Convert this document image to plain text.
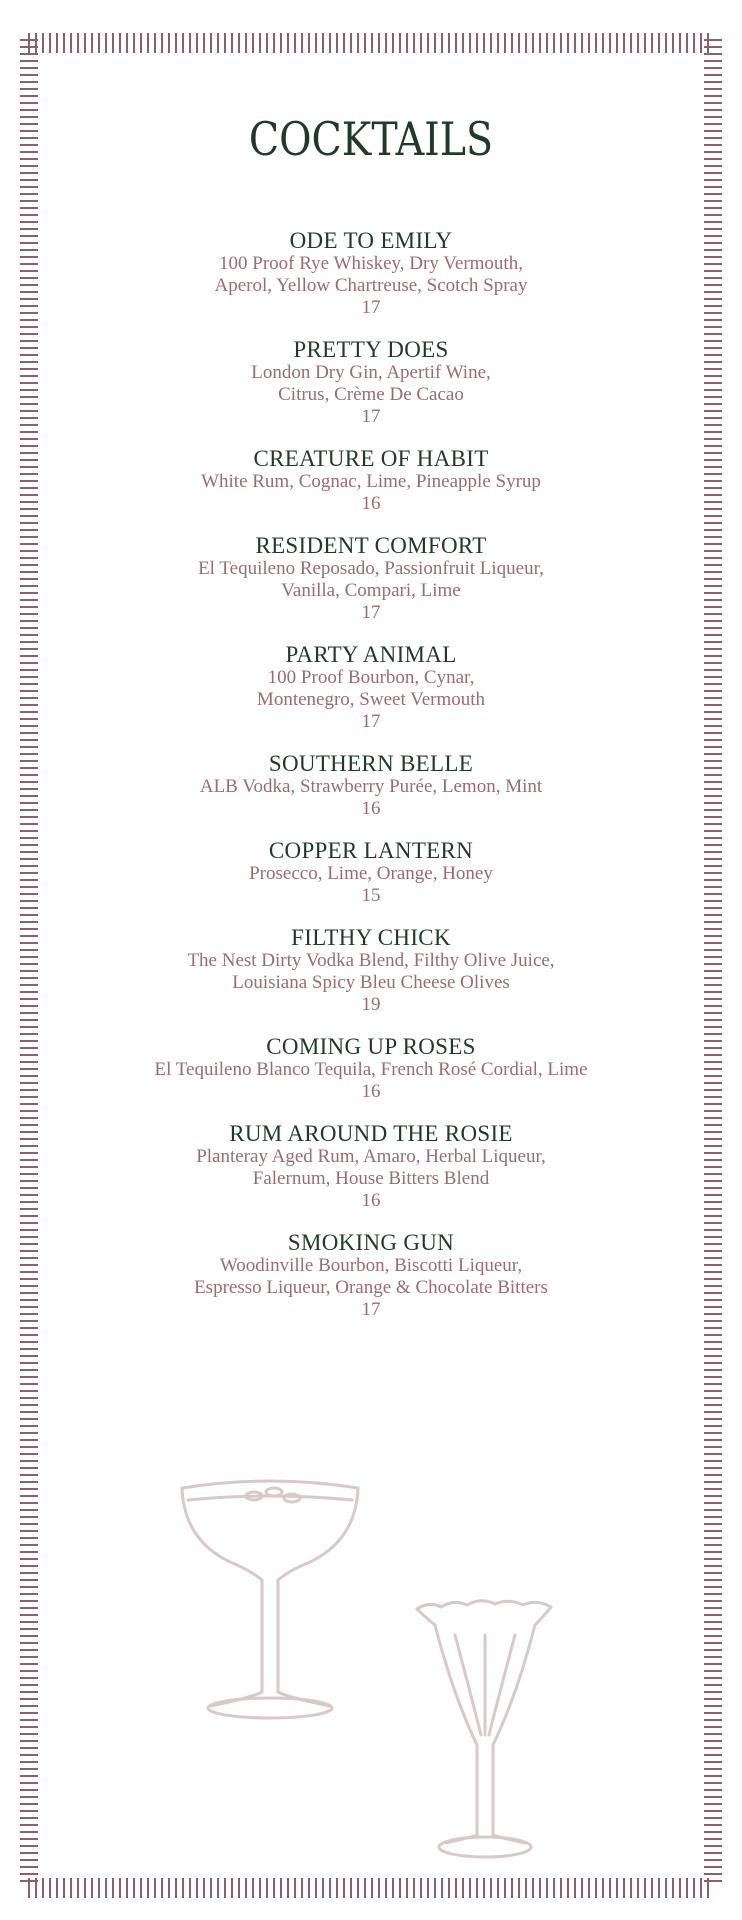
COCKTAILS
ODE TO EMILY
100 Proof Rye Whiskey, Dry Vermouth,
Aperol, Yellow Chartreuse, Scotch Spray
17
PRETTY DOES
London Dry Gin, Apertif Wine,
Citrus, Crème De Cacao
17
CREATURE OF HABIT
White Rum, Cognac, Lime, Pineapple Syrup
16
RESIDENT COMFORT
El Tequileno Reposado, Passionfruit Liqueur,
Vanilla, Compari, Lime
17
PARTY ANIMAL
100 Proof Bourbon, Cynar,
Montenegro, Sweet Vermouth
17
SOUTHERN BELLE
ALB Vodka, Strawberry Purée, Lemon, Mint
16
COPPER LANTERN
Prosecco, Lime, Orange, Honey
15
FILTHY CHICK
The Nest Dirty Vodka Blend, Filthy Olive Juice,
Louisiana Spicy Bleu Cheese Olives
19
COMING UP ROSES
El Tequileno Blanco Tequila, French Rosé Cordial, Lime
16
RUM AROUND THE ROSIE
Planteray Aged Rum, Amaro, Herbal Liqueur,
Falernum, House Bitters Blend
16
SMOKING GUN
Woodinville Bourbon, Biscotti Liqueur,
Espresso Liqueur, Orange & Chocolate Bitters
17
